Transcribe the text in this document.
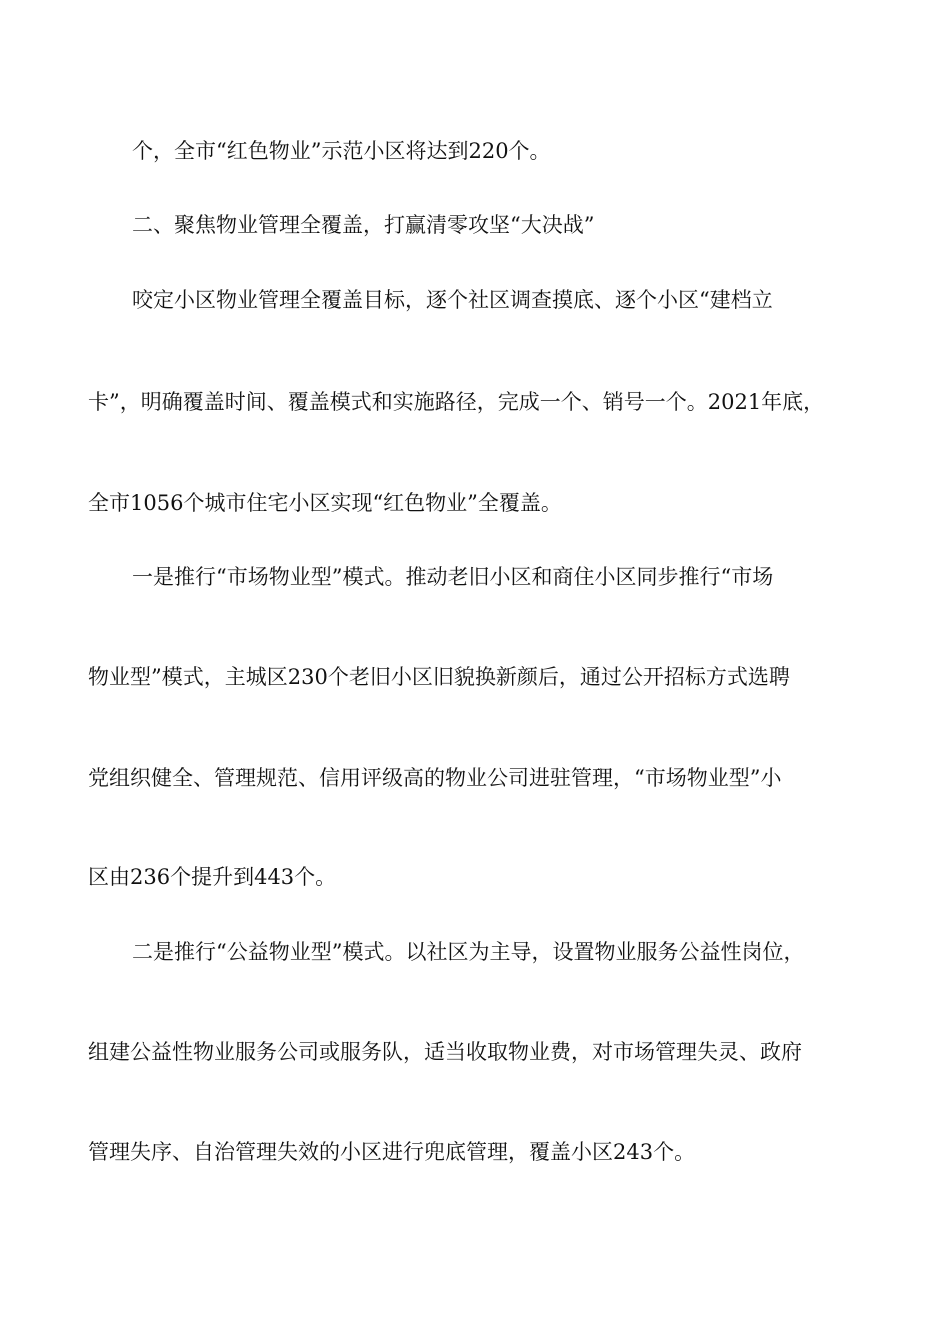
个，全市“红色物业”示范小区将达到220个。

二、聚焦物业管理全覆盖，打赢清零攻坚“大决战”

咬定小区物业管理全覆盖目标，逐个社区调查摸底、逐个小区“建档立

卡”，明确覆盖时间、覆盖模式和实施路径，完成一个、销号一个。2021年底，

全市1056个城市住宅小区实现“红色物业”全覆盖。

一是推行“市场物业型”模式。推动老旧小区和商住小区同步推行“市场

物业型”模式，主城区230个老旧小区旧貌换新颜后，通过公开招标方式选聘

党组织健全、管理规范、信用评级高的物业公司进驻管理，“市场物业型”小

区由236个提升到443个。

二是推行“公益物业型”模式。以社区为主导，设置物业服务公益性岗位，

组建公益性物业服务公司或服务队，适当收取物业费，对市场管理失灵、政府

管理失序、自治管理失效的小区进行兜底管理，覆盖小区243个。
